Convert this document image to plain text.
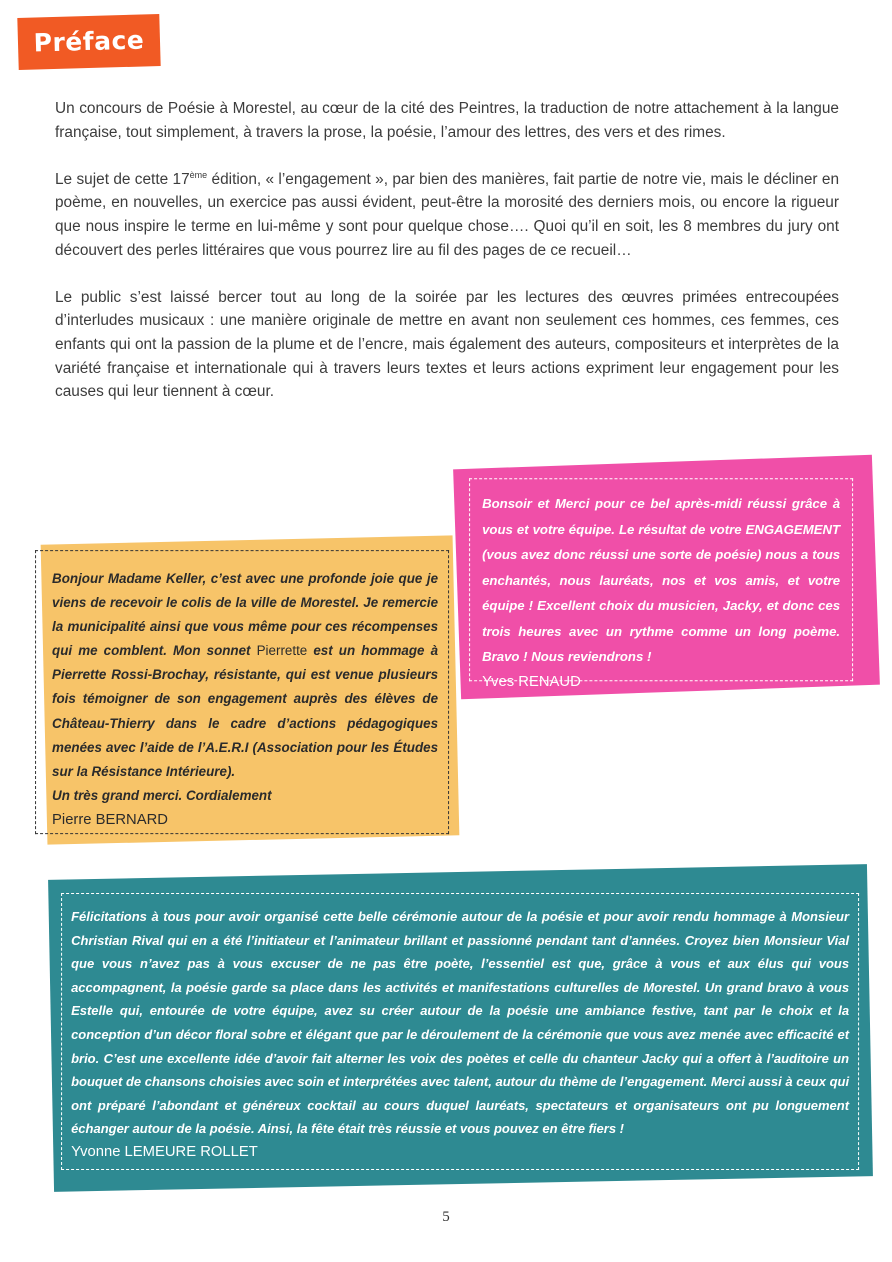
Préface

Un concours de Poésie à Morestel, au cœur de la cité des Peintres, la traduction de notre attachement à la langue française, tout simplement, à travers la prose, la poésie, l’amour des lettres, des vers et des rimes.

Le sujet de cette 17ème édition, « l’engagement », par bien des manières, fait partie de notre vie, mais le décliner en poème, en nouvelles, un exercice pas aussi évident, peut-être la morosité des derniers mois, ou encore la rigueur que nous inspire le terme en lui-même y sont pour quelque chose…. Quoi qu’il en soit, les 8 membres du jury ont découvert des perles littéraires que vous pourrez lire au fil des pages de ce recueil…

Le public s’est laissé bercer tout au long de la soirée par les lectures des œuvres primées entrecoupées d’interludes musicaux : une manière originale de mettre en avant non seulement ces hommes, ces femmes, ces enfants qui ont la passion de la plume et de l’encre, mais également des auteurs, compositeurs et interprètes de la variété française et internationale qui à travers leurs textes et leurs actions expriment leur engagement pour les causes qui leur tiennent à cœur.

Bonsoir et Merci pour ce bel après-midi réussi grâce à vous et votre équipe. Le résultat de votre ENGAGEMENT (vous avez donc réussi une sorte de poésie) nous a tous enchantés, nous lauréats, nos et vos amis, et votre équipe ! Excellent choix du musicien, Jacky, et donc ces trois heures avec un rythme comme un long poème. Bravo ! Nous reviendrons !
Yves RENAUD
Bonjour Madame Keller, c’est avec une profonde joie que je viens de recevoir le colis de la ville de Morestel. Je remercie la municipalité ainsi que vous même pour ces récompenses qui me comblent. Mon sonnet Pierrette est un hommage à Pierrette Rossi-Brochay, résistante, qui est venue plusieurs fois témoigner de son engagement auprès des élèves de Château-Thierry dans le cadre d’actions pédagogiques menées avec l’aide de l’A.E.R.I (Association pour les Études sur la Résistance Intérieure).
Un très grand merci. Cordialement
Pierre BERNARD
Félicitations à tous pour avoir organisé cette belle cérémonie autour de la poésie et pour avoir rendu hommage à Monsieur Christian Rival qui en a été l’initiateur et l’animateur brillant et passionné pendant tant d’années. Croyez bien Monsieur Vial que vous n’avez pas à vous excuser de ne pas être poète, l’essentiel est que, grâce à vous et aux élus qui vous accompagnent, la poésie garde sa place dans les activités et manifestations culturelles de Morestel. Un grand bravo à vous Estelle qui, entourée de votre équipe, avez su créer autour de la poésie une ambiance festive, tant par le choix et la conception d’un décor floral sobre et élégant que par le déroulement de la cérémonie que vous avez menée avec efficacité et brio. C’est une excellente idée d’avoir fait alterner les voix des poètes et celle du chanteur Jacky qui a offert à l’auditoire un bouquet de chansons choisies avec soin et interprétées avec talent, autour du thème de l’engagement. Merci aussi à ceux qui ont préparé l’abondant et généreux cocktail au cours duquel lauréats, spectateurs et organisateurs ont pu longuement échanger autour de la poésie. Ainsi, la fête était très réussie et vous pouvez en être fiers !
Yvonne LEMEURE ROLLET
5
